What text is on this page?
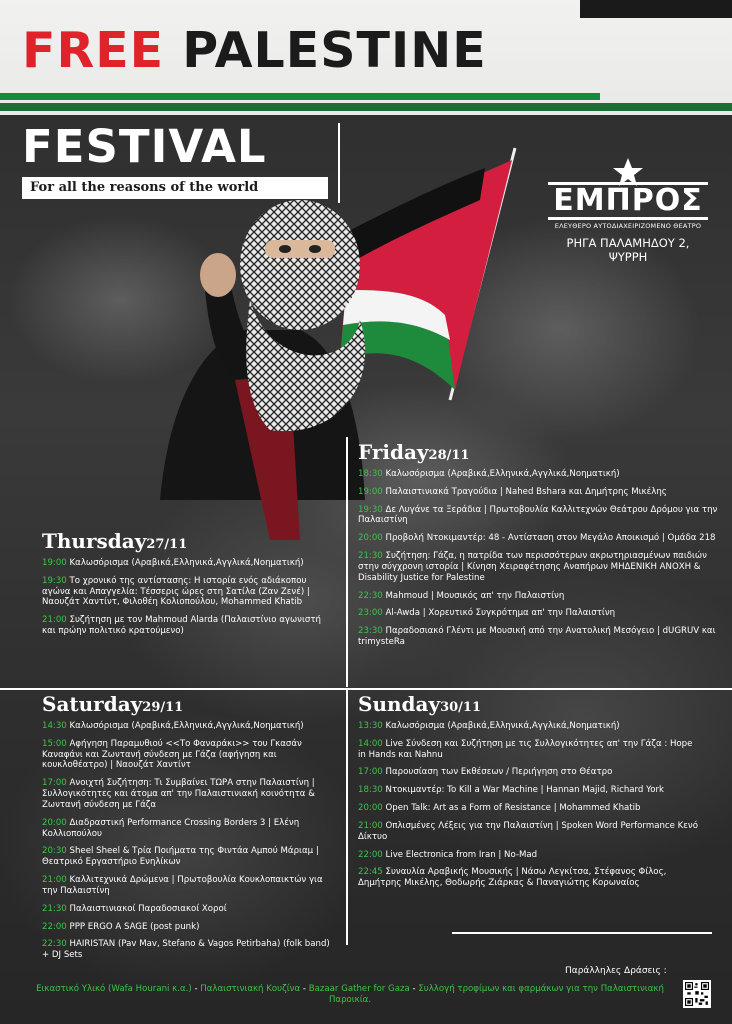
FREE PALESTINE
FESTIVAL
For all the reasons of the world	ΕΜΠΡΟΣ
ΕΛΕΥΘΕΡΟ ΑΥΤΟΔΙΑΧΕΙΡΙΖΟΜΕΝΟ ΘΕΑΤΡΟ
ΡΗΓΑ ΠΑΛΑΜΗΔΟΥ 2, ΨΥΡΡΗ
Thursday27/11
19:00 Καλωσόρισμα (Αραβικά,Ελληνικά,Αγγλικά,Νοηματική)
19:30 Το χρονικό της αντίστασης: Η ιστορία ενός αδιάκοπου αγώνα και Απαγγελία: Τέσσερις ώρες στη Σατίλα (Ζαν Ζενέ) | Ναουζάτ Χαντίντ, Φιλοθέη Κολιοπούλου, Mohammed Khatib
21:00 Συζήτηση με τον Mahmoud Alarda (Παλαιστίνιο αγωνιστή και πρώην πολιτικό κρατούμενο)
Friday28/11
18:30 Καλωσόρισμα (Αραβικά,Ελληνικά,Αγγλικά,Νοηματική)
19:00 Παλαιστινιακά Τραγούδια | Nahed Bshara και Δημήτρης Μικέλης
19:30 Δε Λυγάνε τα Ξεράδια | Πρωτοβουλία Καλλιτεχνών Θεάτρου Δρόμου για την Παλαιστίνη
20:00 Προβολή Ντοκιμαντέρ: 48 - Αντίσταση στον Μεγάλο Αποικισμό | Ομάδα 218
21:30 Συζήτηση: Γάζα, η πατρίδα των περισσότερων ακρωτηριασμένων παιδιών στην σύγχρονη ιστορία | Κίνηση Χειραφέτησης Αναπήρων ΜΗΔΕΝΙΚΗ ΑΝΟΧΗ & Disability Justice for Palestine
22:30 Mahmoud | Μουσικός απ' την Παλαιστίνη
23:00 Al-Awda | Χορευτικό Συγκρότημα απ' την Παλαιστίνη
23:30 Παραδοσιακό Γλέντι με Μουσική από την Ανατολική Μεσόγειο | dUGRUV και trimysteRa
Saturday29/11
14:30 Καλωσόρισμα (Αραβικά,Ελληνικά,Αγγλικά,Νοηματική)
15:00 Αφήγηση Παραμυθιού <<Το Φαναράκι>> του Γκασάν Καναφάνι και Ζωντανή σύνδεση με Γάζα (αφήγηση και κουκλοθέατρο) | Ναουζάτ Χαντίντ
17:00 Ανοιχτή Συζήτηση: Τι Συμβαίνει ΤΩΡΑ στην Παλαιστίνη | Συλλογικότητες και άτομα απ' την Παλαιστινιακή κοινότητα & Ζωντανή σύνδεση με Γάζα
20:00 Διαδραστική Performance Crossing Borders 3 | Ελένη Κολλιοπούλου
20:30 Sheel Sheel & Τρία Ποιήματα της Φιντάα Αμπού Μάριαμ | Θεατρικό Εργαστήριο Ενηλίκων
21:00 Καλλιτεχνικά Δρώμενα | Πρωτοβουλία Κουκλοπαικτών για την Παλαιστίνη
21:30 Παλαιστινιακοί Παραδοσιακοί Χοροί
22:00 PPP ERGO A SAGE (post punk)
22:30 HAIRISTAN (Pav Mav, Stefano & Vagos Petirbaha) (folk band) + DJ Sets
Sunday30/11
13:30 Καλωσόρισμα (Αραβικά,Ελληνικά,Αγγλικά,Νοηματική)
14:00 Live Σύνδεση και Συζήτηση με τις Συλλογικότητες απ' την Γάζα : Hope in Hands και Nahnu
17:00 Παρουσίαση των Εκθέσεων / Περιήγηση στο Θέατρο
18:30 Ντοκιμαντέρ: To Kill a War Machine | Hannan Majid, Richard York
20:00 Open Talk: Art as a Form of Resistance | Mohammed Khatib
21:00 Οπλισμένες Λέξεις για την Παλαιστίνη | Spoken Word Performance Κενό Δίκτυο
22:00 Live Electronica from Iran | No-Mad
22:45 Συναυλία Αραβικής Μουσικής | Νάσω Λεγκίτσα, Στέφανος Φίλος, Δημήτρης Μικέλης, Θοδωρής Ζιάρκας & Παναγιώτης Κορωναίος
Παράλληλες Δράσεις :
Εικαστικό Υλικό (Wafa Hourani κ.α.) - Παλαιστινιακή Κουζίνα - Bazaar Gather for Gaza - Συλλογή τροφίμων και φαρμάκων για την Παλαιστινιακή Παροικία.
